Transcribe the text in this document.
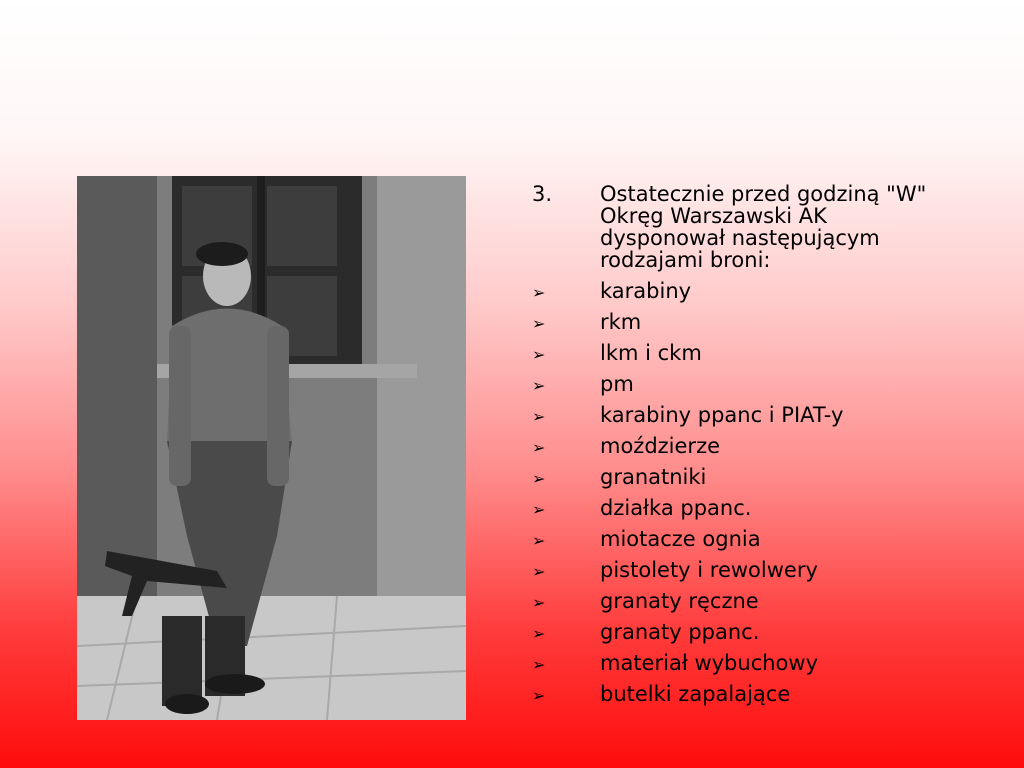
3.	Ostatecznie przed godziną "W" Okręg Warszawski AK dysponował następującym rodzajami broni:
➢	karabiny
➢	rkm
➢	lkm i ckm
➢	pm
➢	karabiny ppanc i PIAT-y
➢	moździerze
➢	granatniki
➢	działka ppanc.
➢	miotacze ognia
➢	pistolety i rewolwery
➢	granaty ręczne
➢	granaty ppanc.
➢	materiał wybuchowy
➢	butelki zapalające
